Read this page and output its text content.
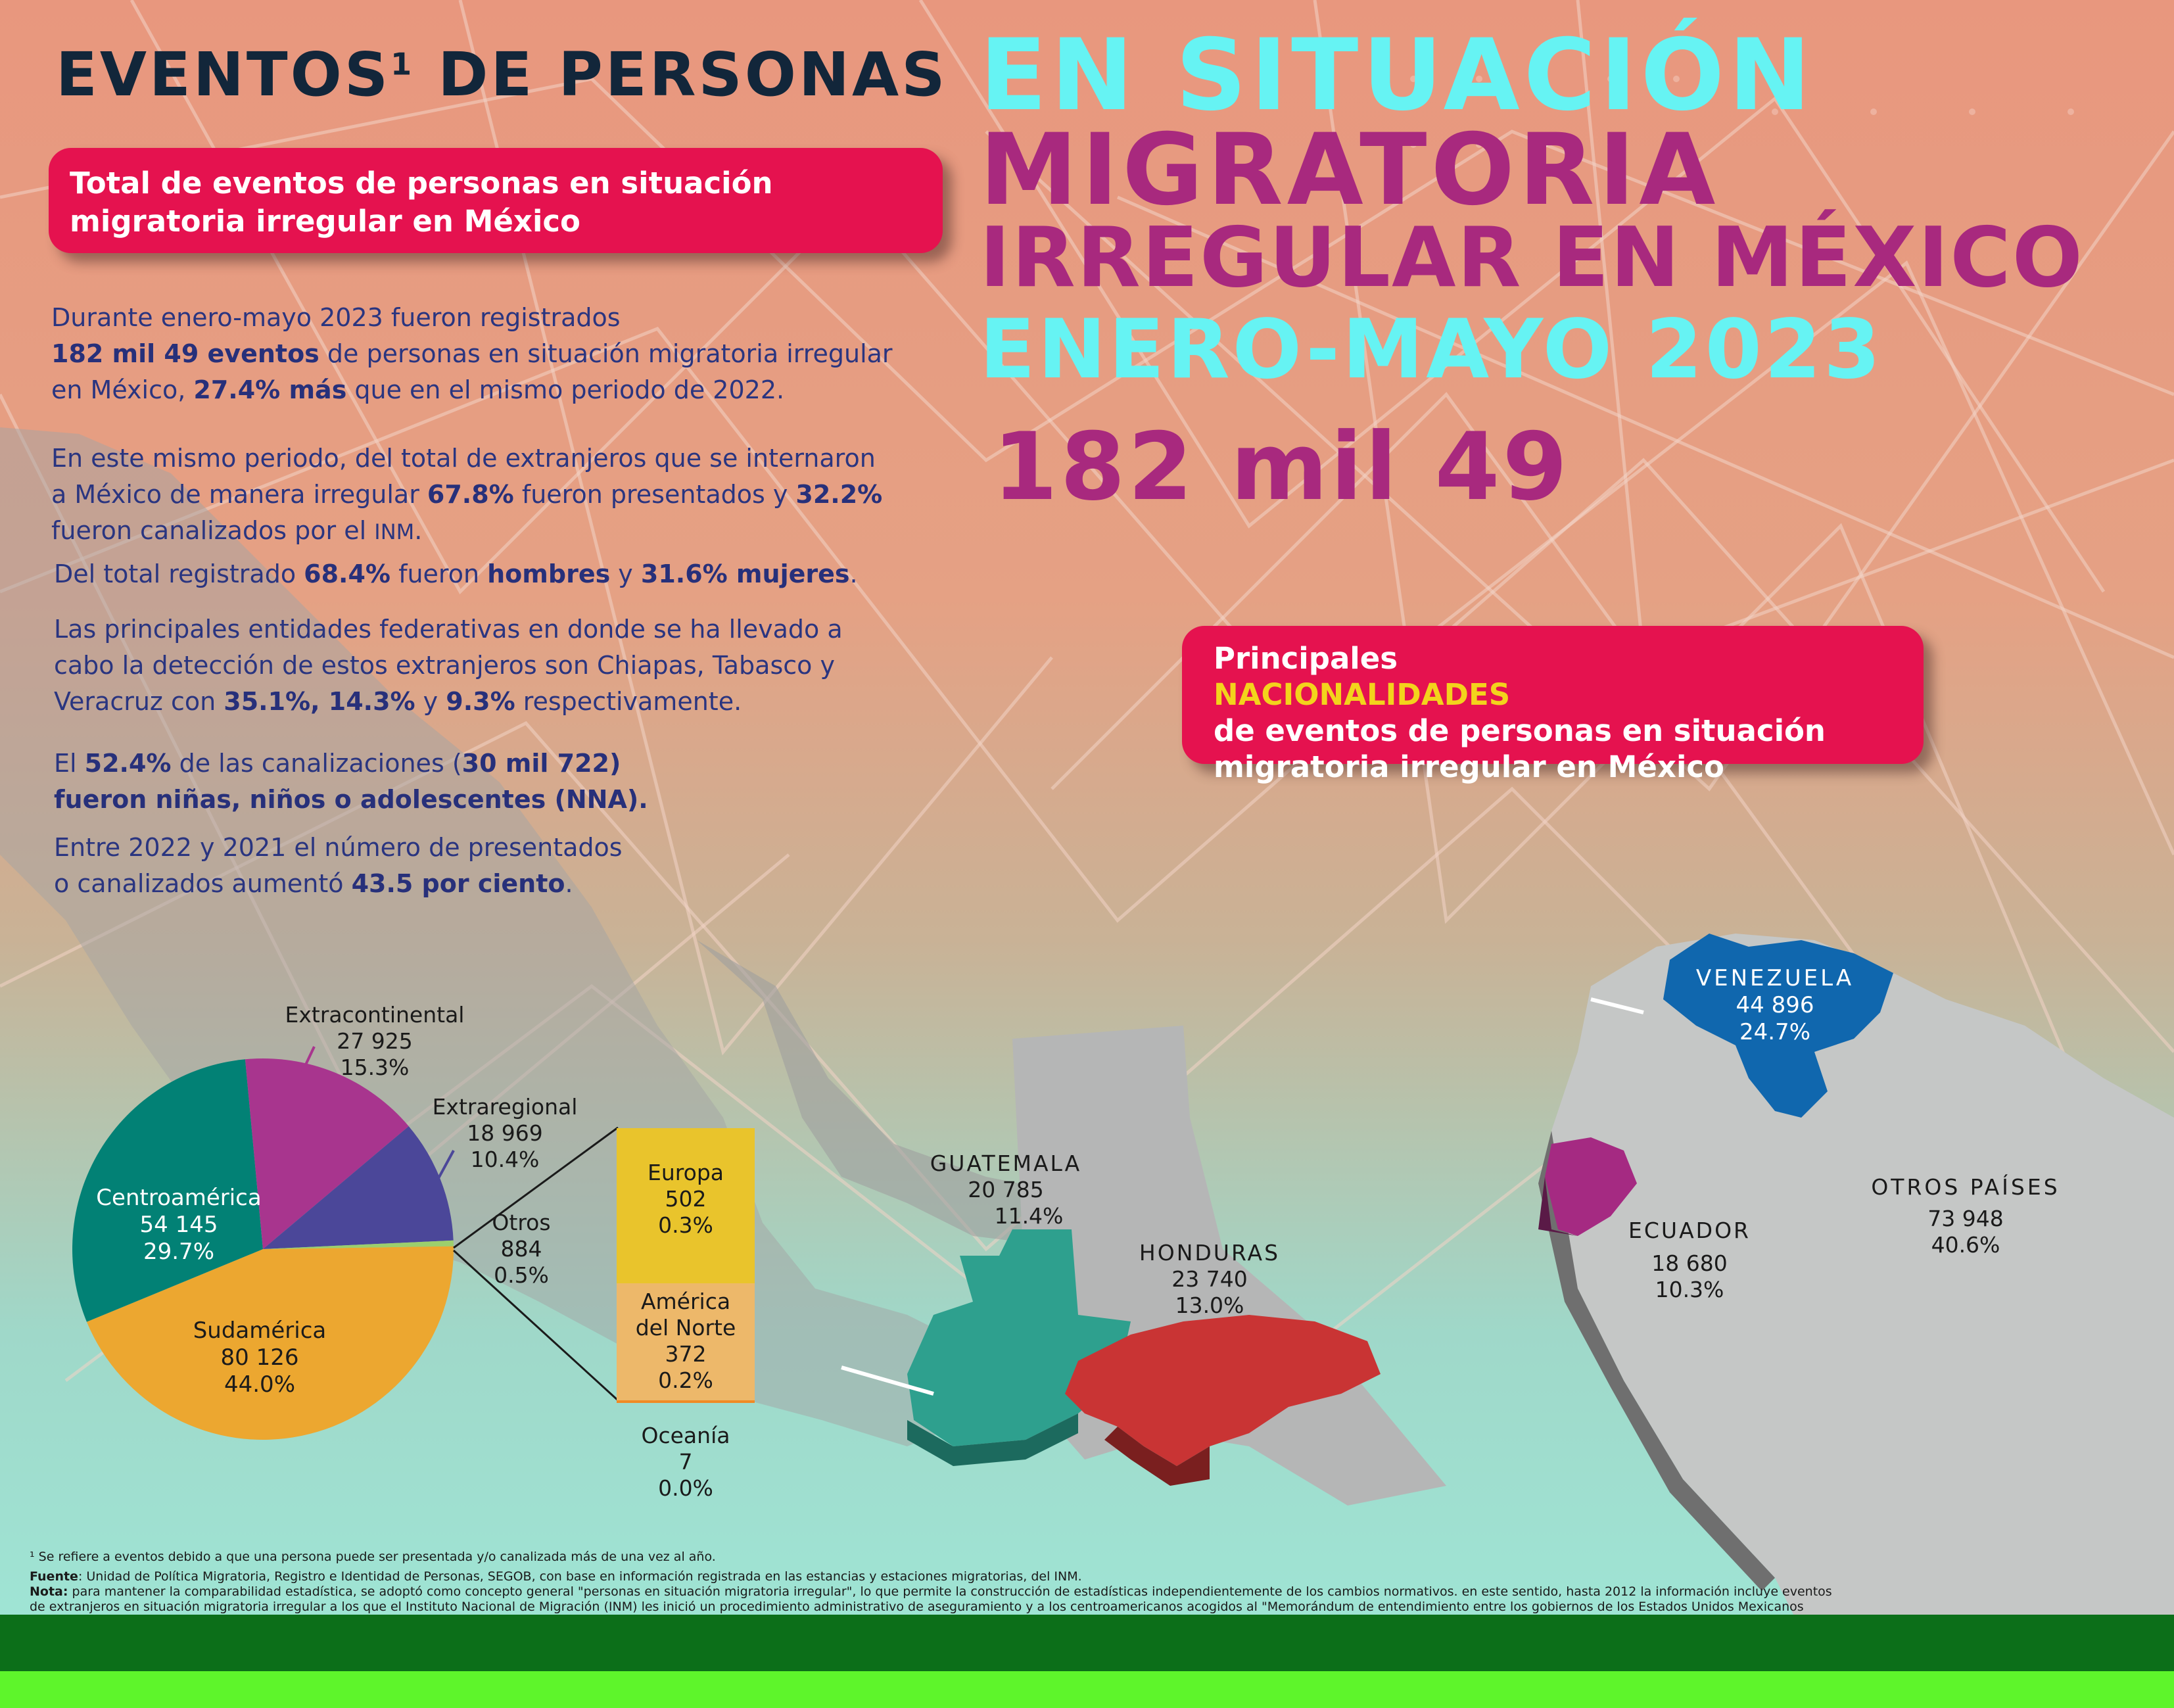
EVENTOS$^1$ DE PERSONAS EN SITUACIÓN
MIGRATORIA
IRREGULAR EN MÉXICO
ENERO-MAYO 2023
182 mil 49
Total de eventos de personas en situación
migratoria irregular en México
Durante enero-mayo 2023 fueron registrados
182 mil 49 eventos de personas en situación migratoria irregular
en México, 27.4% más que en el mismo periodo de 2022.
En este mismo periodo, del total de extranjeros que se internaron
a México de manera irregular 67.8% fueron presentados y 32.2%
fueron canalizados por el INM.
Del total registrado 68.4% fueron hombres y 31.6% mujeres.
Las principales entidades federativas en donde se ha llevado a
cabo la detección de estos extranjeros son Chiapas, Tabasco y
Veracruz con 35.1%, 14.3% y 9.3% respectivamente.
El 52.4% de las canalizaciones (30 mil 722)
fueron niñas, niños o adolescentes (NNA).
Entre 2022 y 2021 el número de presentados
o canalizados aumentó 43.5 por ciento.
Principales
NACIONALIDADES
de eventos de personas en situación
migratoria irregular en México
Extracontinental
27 925
15.3%
Extraregional
18 969
10.4%
Centroamérica
54 145
29.7%
Sudamérica
80 126
44.0%
Otros
884
0.5%
Europa
502
0.3%
América
del Norte
372
0.2%
Oceanía
7
0.0%
GUATEMALA
20 785
11.4%
HONDURAS
23 740
13.0%
VENEZUELA
44 896
24.7%
ECUADOR
18 680
10.3%
OTROS PAÍSES
73 948
40.6%
¹ Se refiere a eventos debido a que una persona puede ser presentada y/o canalizada más de una vez al año.
Fuente: Unidad de Política Migratoria, Registro e Identidad de Personas, SEGOB, con base en información registrada en las estancias y estaciones migratorias, del INM.
Nota: para mantener la comparabilidad estadística, se adoptó como concepto general "personas en situación migratoria irregular", lo que permite la construcción de estadísticas independientemente de los cambios normativos. en este sentido, hasta 2012 la información incluye eventos
de extranjeros en situación migratoria irregular a los que el Instituto Nacional de Migración (INM) les inició un procedimiento administrativo de aseguramiento y a los centroamericanos acogidos al "Memorándum de entendimiento entre los gobiernos de los Estados Unidos Mexicanos
